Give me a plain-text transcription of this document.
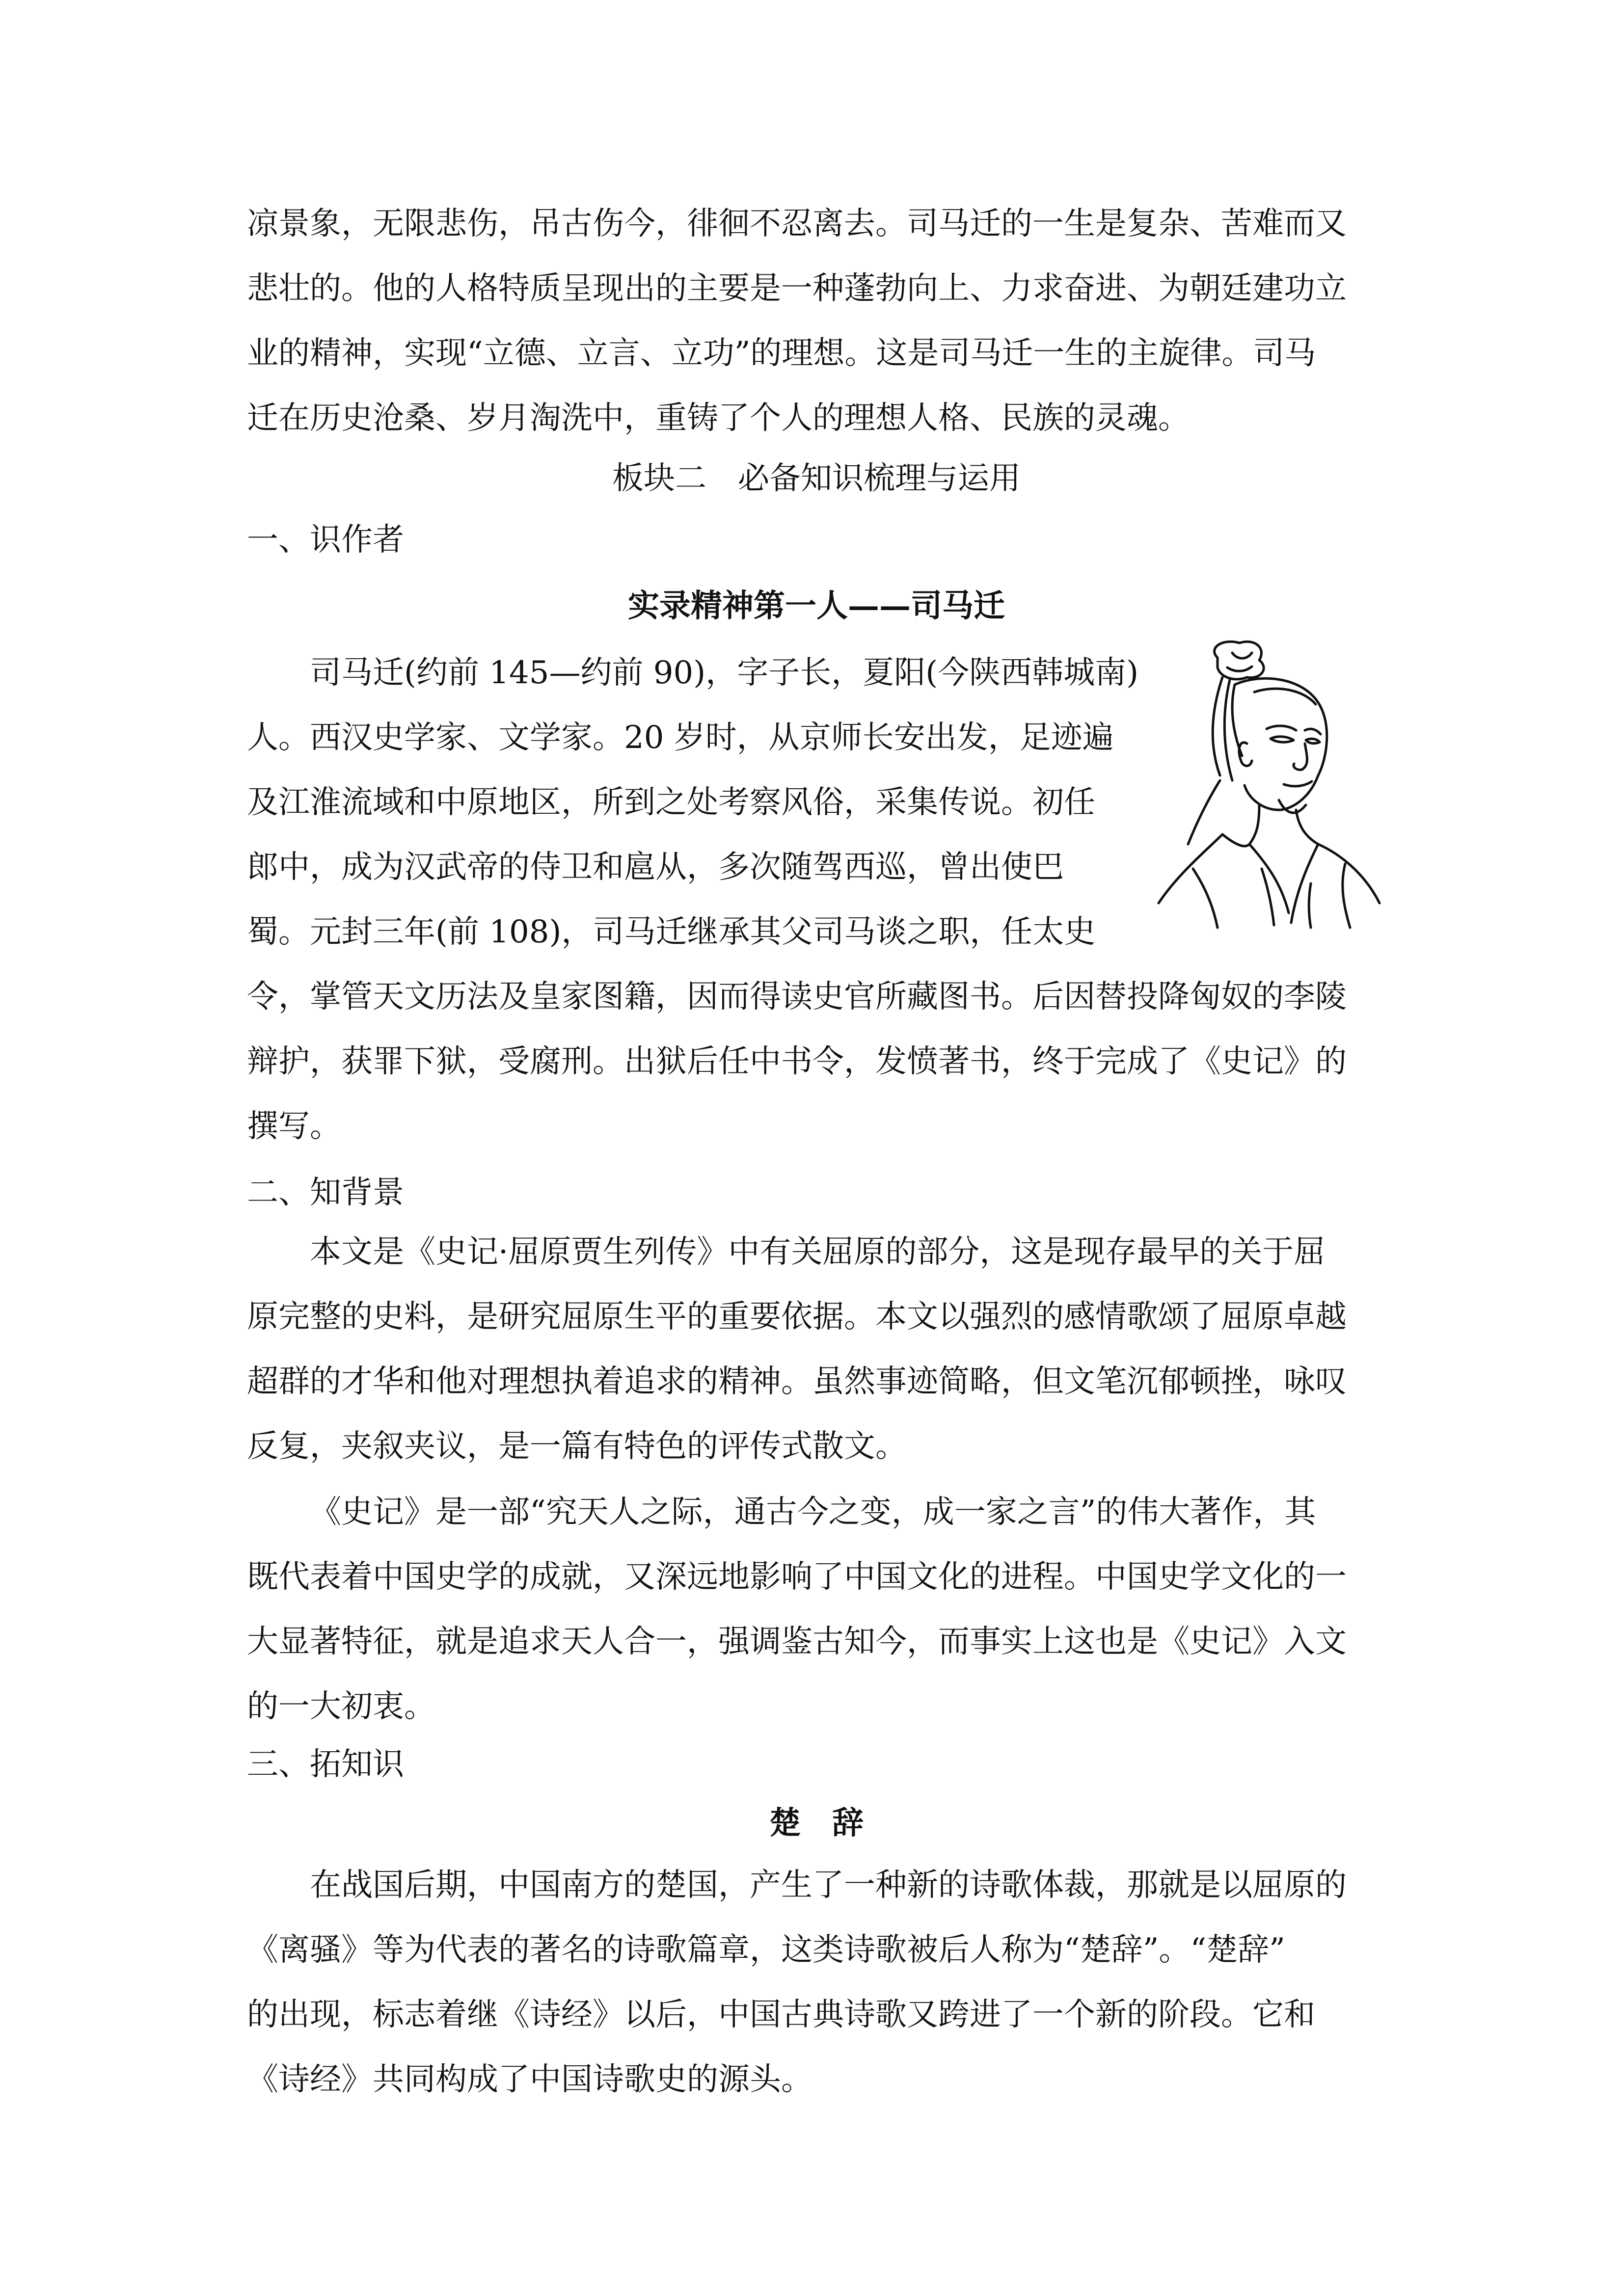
凉景象，无限悲伤，吊古伤今，徘徊不忍离去。司马迁的一生是复杂、苦难而又
悲壮的。他的人格特质呈现出的主要是一种蓬勃向上、力求奋进、为朝廷建功立
业的精神，实现“立德、立言、立功”的理想。这是司马迁一生的主旋律。司马
迁在历史沧桑、岁月淘洗中，重铸了个人的理想人格、民族的灵魂。
板块二　必备知识梳理与运用
一、识作者
实录精神第一人——司马迁
司马迁(约前 145—约前 90)，字子长，夏阳(今陕西韩城南)
人。西汉史学家、文学家。20 岁时，从京师长安出发，足迹遍
及江淮流域和中原地区，所到之处考察风俗，采集传说。初任
郎中，成为汉武帝的侍卫和扈从，多次随驾西巡，曾出使巴
蜀。元封三年(前 108)，司马迁继承其父司马谈之职，任太史
令，掌管天文历法及皇家图籍，因而得读史官所藏图书。后因替投降匈奴的李陵
辩护，获罪下狱，受腐刑。出狱后任中书令，发愤著书，终于完成了《史记》的
撰写。
二、知背景
本文是《史记·屈原贾生列传》中有关屈原的部分，这是现存最早的关于屈
原完整的史料，是研究屈原生平的重要依据。本文以强烈的感情歌颂了屈原卓越
超群的才华和他对理想执着追求的精神。虽然事迹简略，但文笔沉郁顿挫，咏叹
反复，夹叙夹议，是一篇有特色的评传式散文。
《史记》是一部“究天人之际，通古今之变，成一家之言”的伟大著作，其
既代表着中国史学的成就，又深远地影响了中国文化的进程。中国史学文化的一
大显著特征，就是追求天人合一，强调鉴古知今，而事实上这也是《史记》入文
的一大初衷。
三、拓知识
楚　辞
在战国后期，中国南方的楚国，产生了一种新的诗歌体裁，那就是以屈原的
《离骚》等为代表的著名的诗歌篇章，这类诗歌被后人称为“楚辞”。“楚辞”
的出现，标志着继《诗经》以后，中国古典诗歌又跨进了一个新的阶段。它和
《诗经》共同构成了中国诗歌史的源头。
